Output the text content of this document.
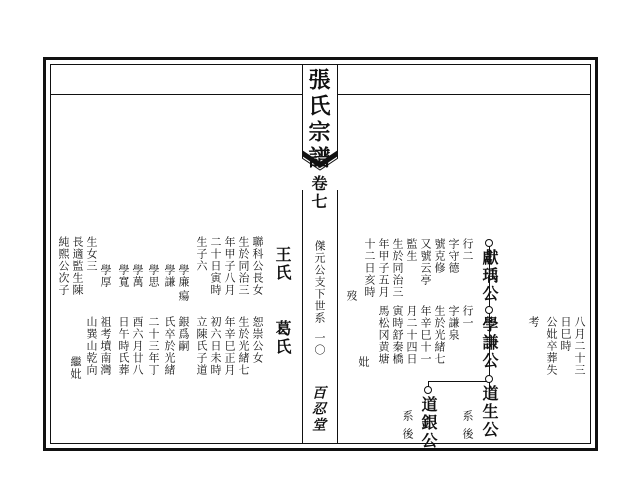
張氏宗譜
卷七
傑元公支下世系
一〇
百忍堂
獻瑀公
行二
字守德
號克修
又號云亭
監生
生於同治三
年甲子五月
十二日亥時
歿
學謙公
行一
字謙泉
生於光緒七
年辛巳十一
月二十四日
寅時舒秦橋
馬松冈黄塘
妣
道生公
系
後
道銀公
系
後
八月二十三
日巳時
公妣卒葬失
考
王氏
聯科公長女
生於同治三
年甲子八月
二十日寅時
生子六
學廉
瘍
學謙
學思
學寬 學萬
學厚
生女三
長適監生陳
純熙公次子
葛氏
恕崇公女
生於光緒七
年辛巳正月
初六日未時
立陳氏子道
銀爲嗣
氏卒於光緒
二十三年丁
酉六月廿八
日午時氏葬
祖考墳南灣
山巽山乾向
繼妣
